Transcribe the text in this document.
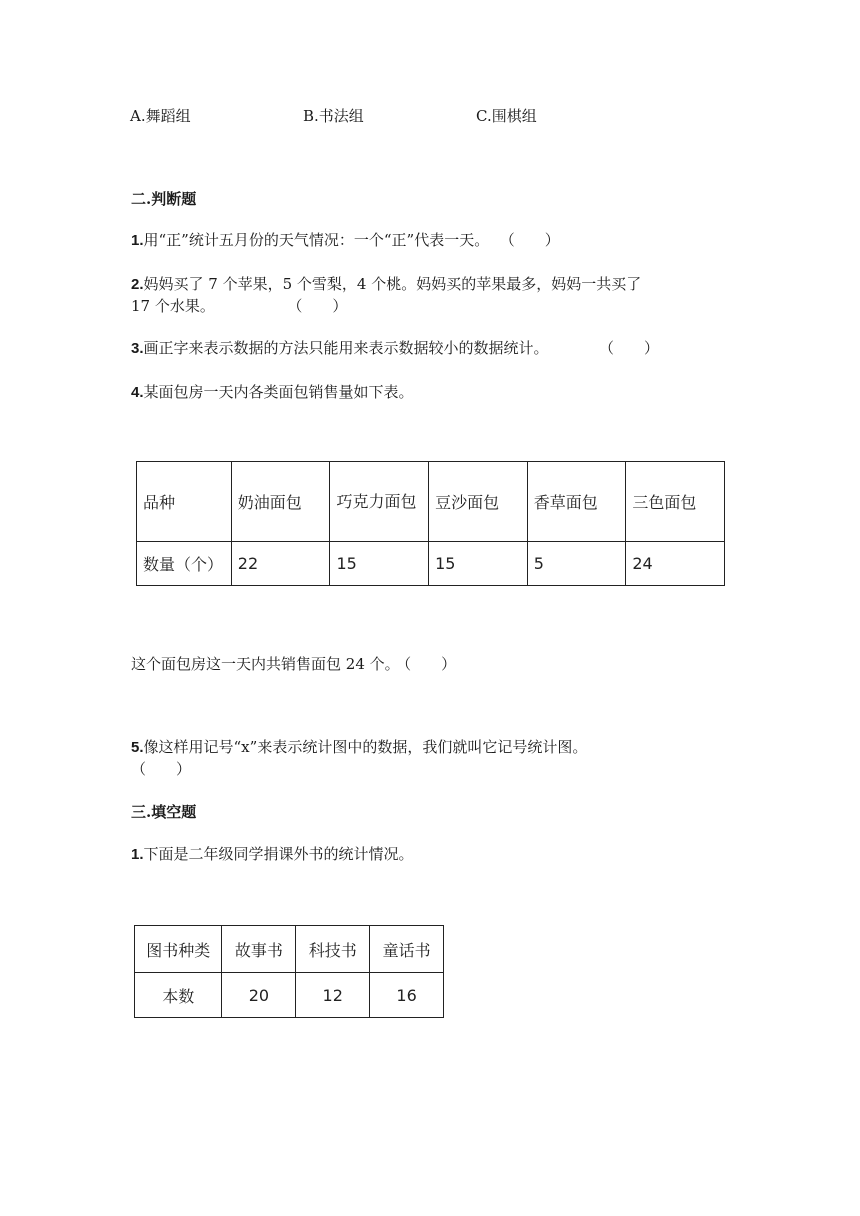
A.舞蹈组	B.书法组	C.围棋组
二.判断题
1.用“正”统计五月份的天气情况：一个“正”代表一天。 （　　）
2.妈妈买了 7 个苹果，5 个雪梨，4 个桃。妈妈买的苹果最多，妈妈一共买了
17 个水果。	（　　）
3.画正字来表示数据的方法只能用来表示数据较小的数据统计。	（　　）
4.某面包房一天内各类面包销售量如下表。
品种	奶油面包	巧克力面包	豆沙面包	香草面包	三色面包
数量（个）	22	15	15	5	24
这个面包房这一天内共销售面包 24 个。 （　　）
5.像这样用记号“x”来表示统计图中的数据，我们就叫它记号统计图。
（　　）
三.填空题
1.下面是二年级同学捐课外书的统计情况。
图书种类	故事书	科技书	童话书
本数	20	12	16
